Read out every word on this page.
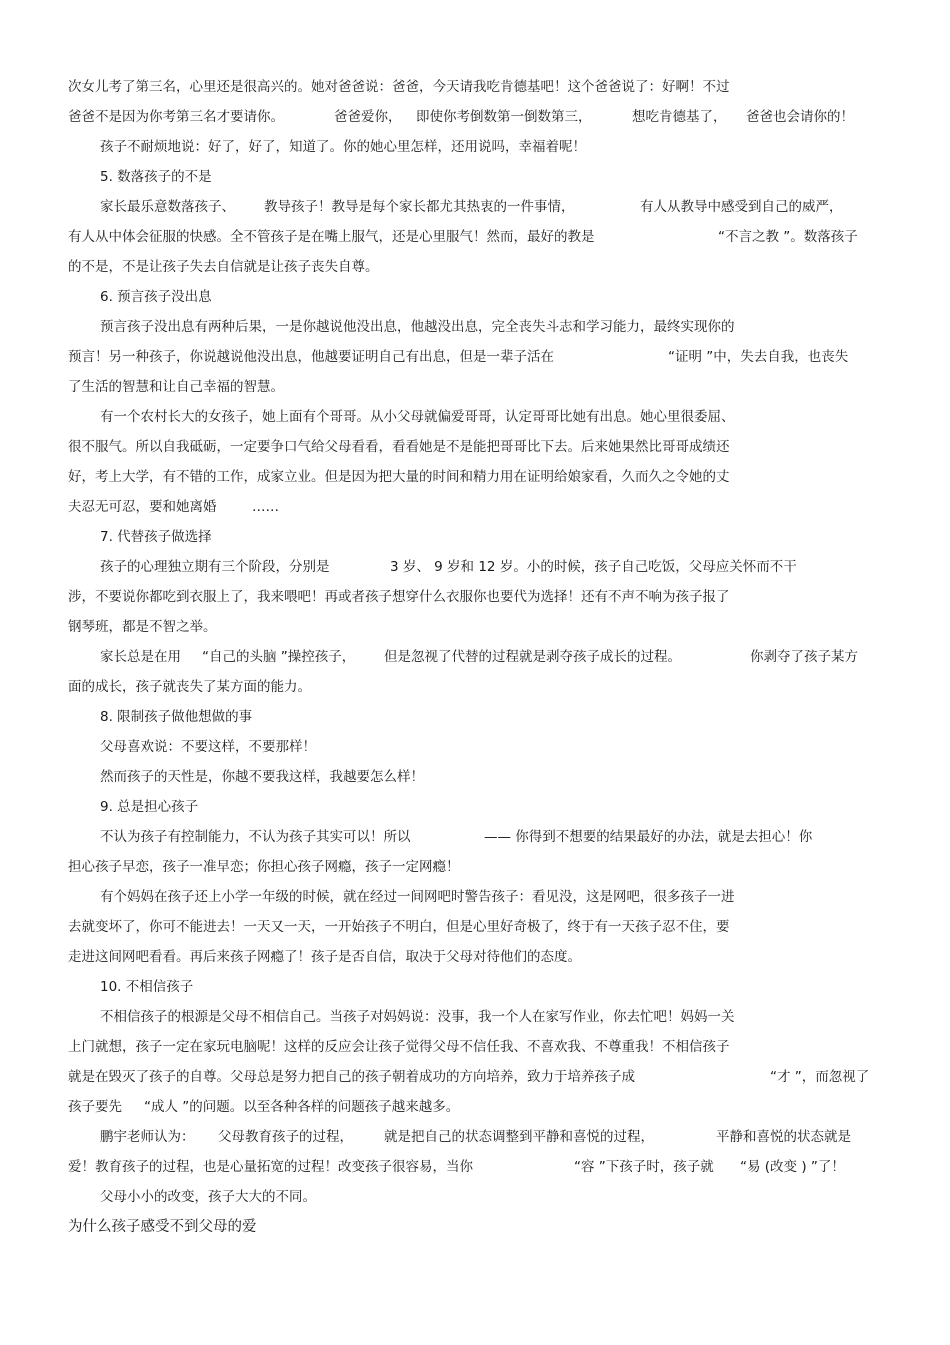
次女儿考了第三名，心里还是很高兴的。她对爸爸说：爸爸，今天请我吃肯德基吧！这个爸爸说了：好啊！不过
爸爸不是因为你考第三名才要请你。	爸爸爱你， 即使你考倒数第一倒数第三，	想吃肯德基了， 爸爸也会请你的！
孩子不耐烦地说：好了，好了，知道了。你的她心里怎样，还用说吗，幸福着呢！
5. 数落孩子的不是
家长最乐意数落孩子、 教导孩子！教导是每个家长都尤其热衷的一件事情，	有人从教导中感受到自己的威严，
有人从中体会征服的快感。全不管孩子是在嘴上服气，还是心里服气！然而，最好的教是	“不言之教 ”。数落孩子
的不是，不是让孩子失去自信就是让孩子丧失自尊。
6. 预言孩子没出息
预言孩子没出息有两种后果，一是你越说他没出息，他越没出息，完全丧失斗志和学习能力，最终实现你的
预言！另一种孩子，你说越说他没出息，他越要证明自己有出息，但是一辈子活在	“证明 ”中，失去自我，也丧失
了生活的智慧和让自己幸福的智慧。
有一个农村长大的女孩子，她上面有个哥哥。从小父母就偏爱哥哥，认定哥哥比她有出息。她心里很委屈、
很不服气。所以自我砥砺，一定要争口气给父母看看，看看她是不是能把哥哥比下去。后来她果然比哥哥成绩还
好，考上大学，有不错的工作，成家立业。但是因为把大量的时间和精力用在证明给娘家看，久而久之令她的丈
夫忍无可忍，要和她离婚	……
7. 代替孩子做选择
孩子的心理独立期有三个阶段，分别是	3 岁、 9 岁和 12 岁。小的时候，孩子自己吃饭，父母应关怀而不干
涉，不要说你都吃到衣服上了，我来喂吧！再或者孩子想穿什么衣服你也要代为选择！还有不声不响为孩子报了
钢琴班，都是不智之举。
家长总是在用 “自己的头脑 ”操控孩子， 但是忽视了代替的过程就是剥夺孩子成长的过程。	你剥夺了孩子某方
面的成长，孩子就丧失了某方面的能力。
8. 限制孩子做他想做的事
父母喜欢说：不要这样，不要那样！
然而孩子的天性是，你越不要我这样，我越要怎么样！
9. 总是担心孩子
不认为孩子有控制能力，不认为孩子其实可以！所以	—— 你得到不想要的结果最好的办法，就是去担心！你
担心孩子早恋，孩子一准早恋；你担心孩子网瘾，孩子一定网瘾！
有个妈妈在孩子还上小学一年级的时候，就在经过一间网吧时警告孩子：看见没，这是网吧，很多孩子一进
去就变坏了，你可不能进去！一天又一天，一开始孩子不明白，但是心里好奇极了，终于有一天孩子忍不住，要
走进这间网吧看看。再后来孩子网瘾了！孩子是否自信，取决于父母对待他们的态度。
10. 不相信孩子
不相信孩子的根源是父母不相信自己。当孩子对妈妈说：没事，我一个人在家写作业，你去忙吧！妈妈一关
上门就想，孩子一定在家玩电脑呢！这样的反应会让孩子觉得父母不信任我、不喜欢我、不尊重我！不相信孩子
就是在毁灭了孩子的自尊。父母总是努力把自己的孩子朝着成功的方向培养，致力于培养孩子成	“才 ”，而忽视了
孩子要先 “成人 ”的问题。以至各种各样的问题孩子越来越多。
鹏宇老师认为： 父母教育孩子的过程， 就是把自己的状态调整到平静和喜悦的过程，	平静和喜悦的状态就是
爱！教育孩子的过程，也是心量拓宽的过程！改变孩子很容易，当你	“容 ”下孩子时，孩子就 “易 (改变 ) ”了！
父母小小的改变，孩子大大的不同。
为什么孩子感受不到父母的爱
